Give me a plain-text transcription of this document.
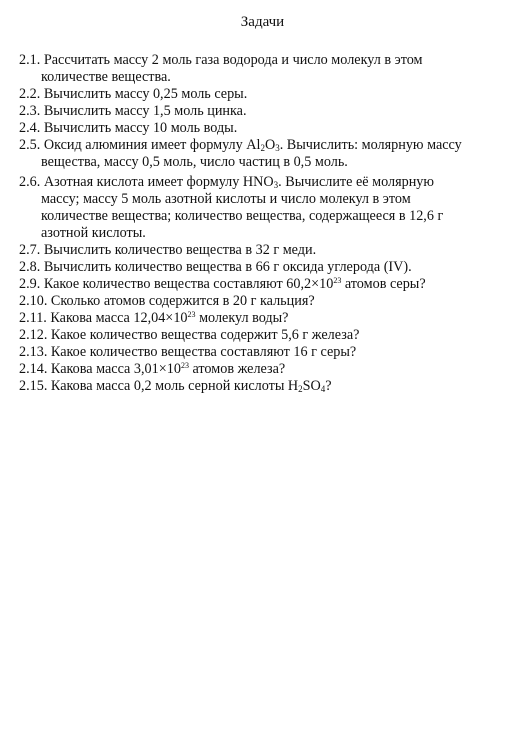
Задачи
2.1. Рассчитать массу 2 моль газа водорода и число молекул в этом
количестве вещества.
2.2. Вычислить массу 0,25 моль серы.
2.3. Вычислить массу 1,5 моль цинка.
2.4. Вычислить массу 10 моль воды.
2.5. Оксид алюминия имеет формулу $Al_2O_3$. Вычислить: молярную массу
вещества, массу 0,5 моль, число частиц в 0,5 моль.
2.6. Азотная кислота имеет формулу $HNO_3$. Вычислите её молярную
массу; массу 5 моль азотной кислоты и число молекул в этом
количестве вещества; количество вещества, содержащееся в 12,6 г
азотной кислоты.
2.7. Вычислить количество вещества в 32 г меди.
2.8. Вычислить количество вещества в 66 г оксида углерода (IV).
2.9. Какое количество вещества составляют $60,2\times 10^{23}$ атомов серы?
2.10. Сколько атомов содержится в 20 г кальция?
2.11. Какова масса $12,04\times 10^{23}$ молекул воды?
2.12. Какое количество вещества содержит 5,6 г железа?
2.13. Какое количество вещества составляют 16 г серы?
2.14. Какова масса $3,01\times 10^{23}$ атомов железа?
2.15. Какова масса 0,2 моль серной кислоты $H_2SO_4$?
